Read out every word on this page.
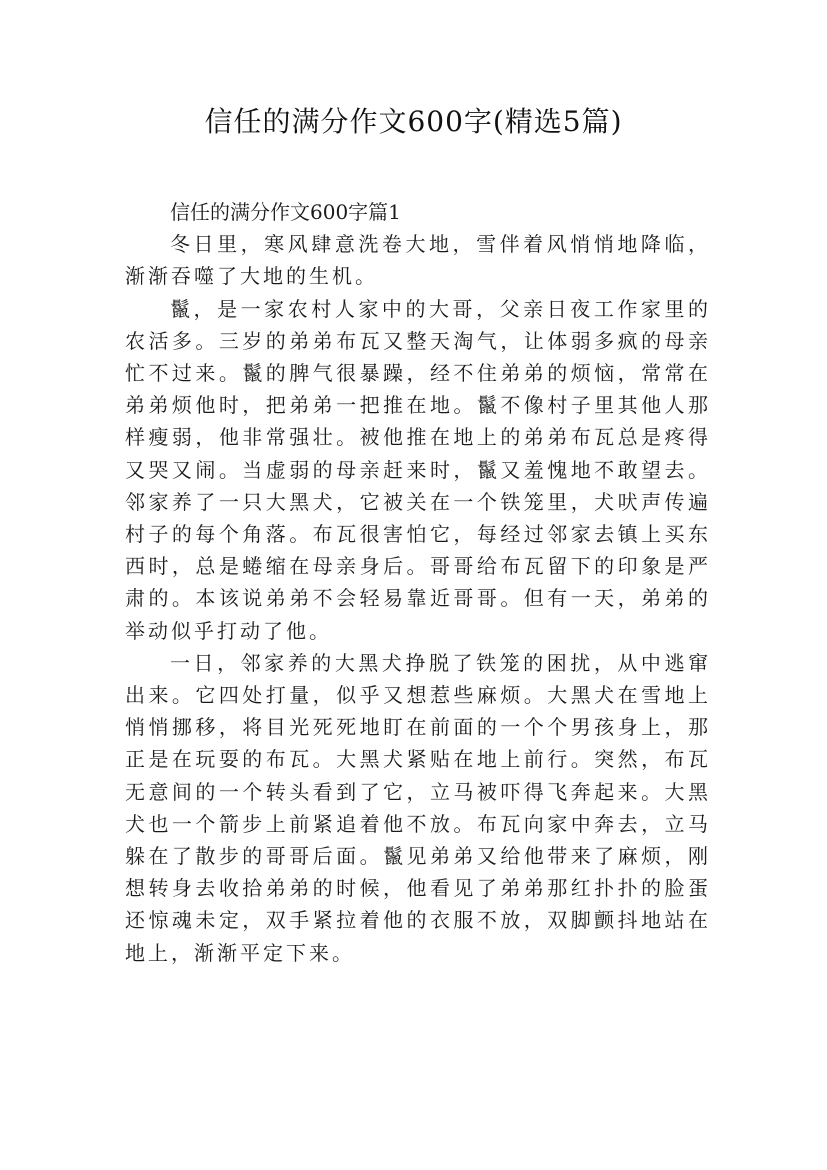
信任的满分作文600字(精选5篇)

信任的满分作文600字篇1

冬日里，寒风肆意洗卷大地，雪伴着风悄悄地降临，渐渐吞噬了大地的生机。

鬣，是一家农村人家中的大哥，父亲日夜工作家里的农活多。三岁的弟弟布瓦又整天淘气，让体弱多疯的母亲忙不过来。鬣的脾气很暴躁，经不住弟弟的烦恼，常常在弟弟烦他时，把弟弟一把推在地。鬣不像村子里其他人那样瘦弱，他非常强壮。被他推在地上的弟弟布瓦总是疼得又哭又闹。当虚弱的母亲赶来时，鬣又羞愧地不敢望去。邻家养了一只大黑犬，它被关在一个铁笼里，犬吠声传遍村子的每个角落。布瓦很害怕它，每经过邻家去镇上买东西时，总是蜷缩在母亲身后。哥哥给布瓦留下的印象是严肃的。本该说弟弟不会轻易靠近哥哥。但有一天，弟弟的举动似乎打动了他。

一日，邻家养的大黑犬挣脱了铁笼的困扰，从中逃窜出来。它四处打量，似乎又想惹些麻烦。大黑犬在雪地上悄悄挪移，将目光死死地盯在前面的一个个男孩身上，那正是在玩耍的布瓦。大黑犬紧贴在地上前行。突然，布瓦无意间的一个转头看到了它，立马被吓得飞奔起来。大黑犬也一个箭步上前紧追着他不放。布瓦向家中奔去，立马躲在了散步的哥哥后面。鬣见弟弟又给他带来了麻烦，刚想转身去收拾弟弟的时候，他看见了弟弟那红扑扑的脸蛋还惊魂未定，双手紧拉着他的衣服不放，双脚颤抖地站在地上，渐渐平定下来。
